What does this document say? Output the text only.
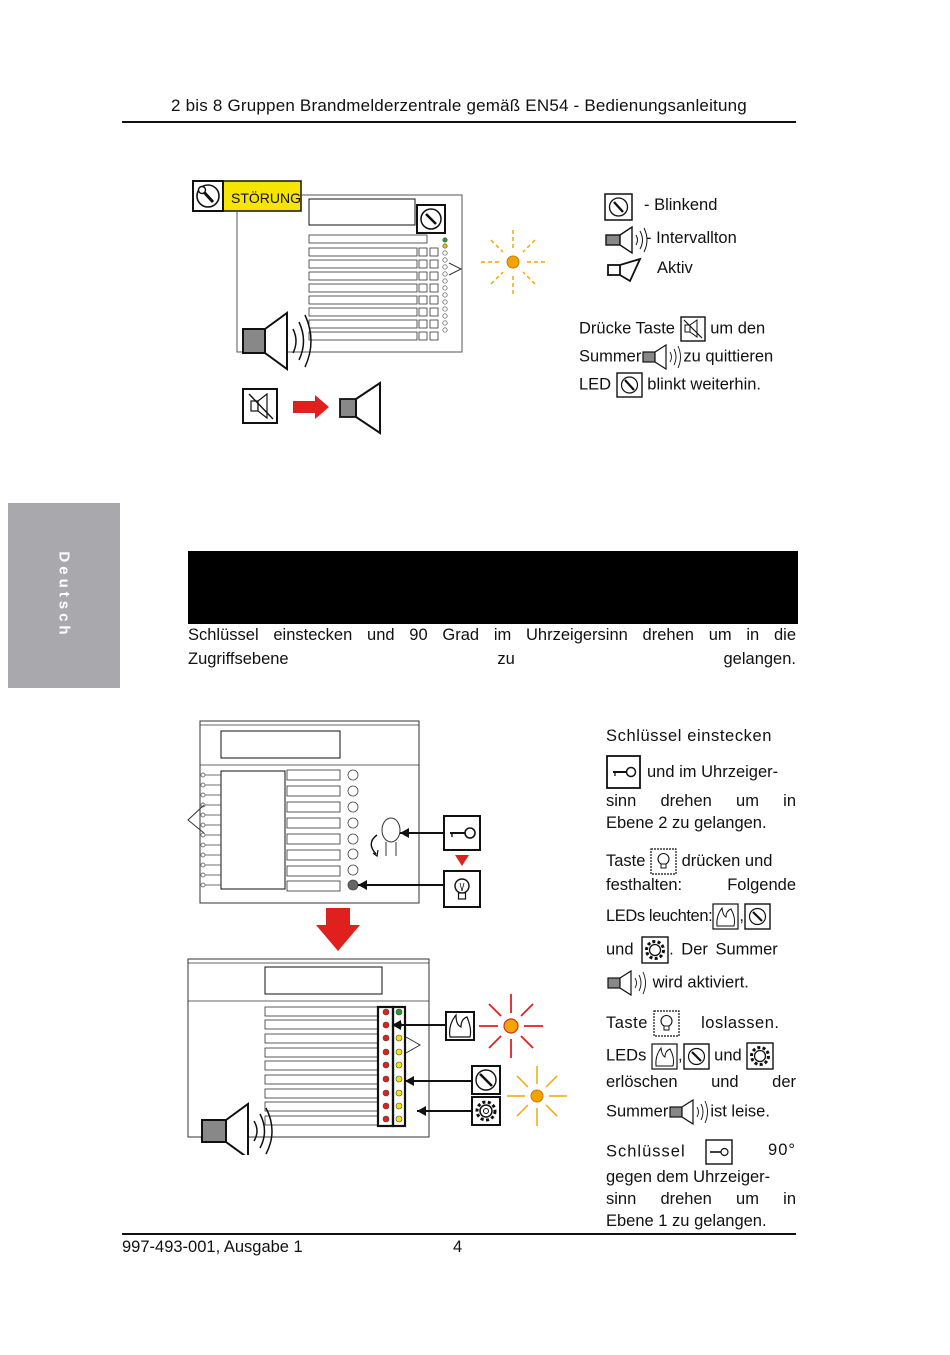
2 bis 8 Gruppen Brandmelderzentrale gemäß EN54 - Bedienungsanleitung
Deutsch
STÖRUNG	- Blinkend
- Intervallton
Aktiv
Drücke Taste um den
Summer	zu quittieren
LED blinkt weiterhin.
Schlüssel einstecken und 90 Grad im Uhrzeigersinn drehen um in die Zugriffsebene zu gelangen.
Schlüssel einstecken
und im Uhrzeiger-
sinn drehen um in
Ebene 2 zu gelangen.
Taste drücken und
festhalten: Folgende
LEDs leuchten: ,
und . Der Summer
wird aktiviert.
Taste	loslassen.
LEDs , und
erlöschen und der
Summer	ist leise.
Schlüssel	90°
gegen dem Uhrzeiger-
sinn drehen um in
Ebene 1 zu gelangen.
997-493-001, Ausgabe 1	4
